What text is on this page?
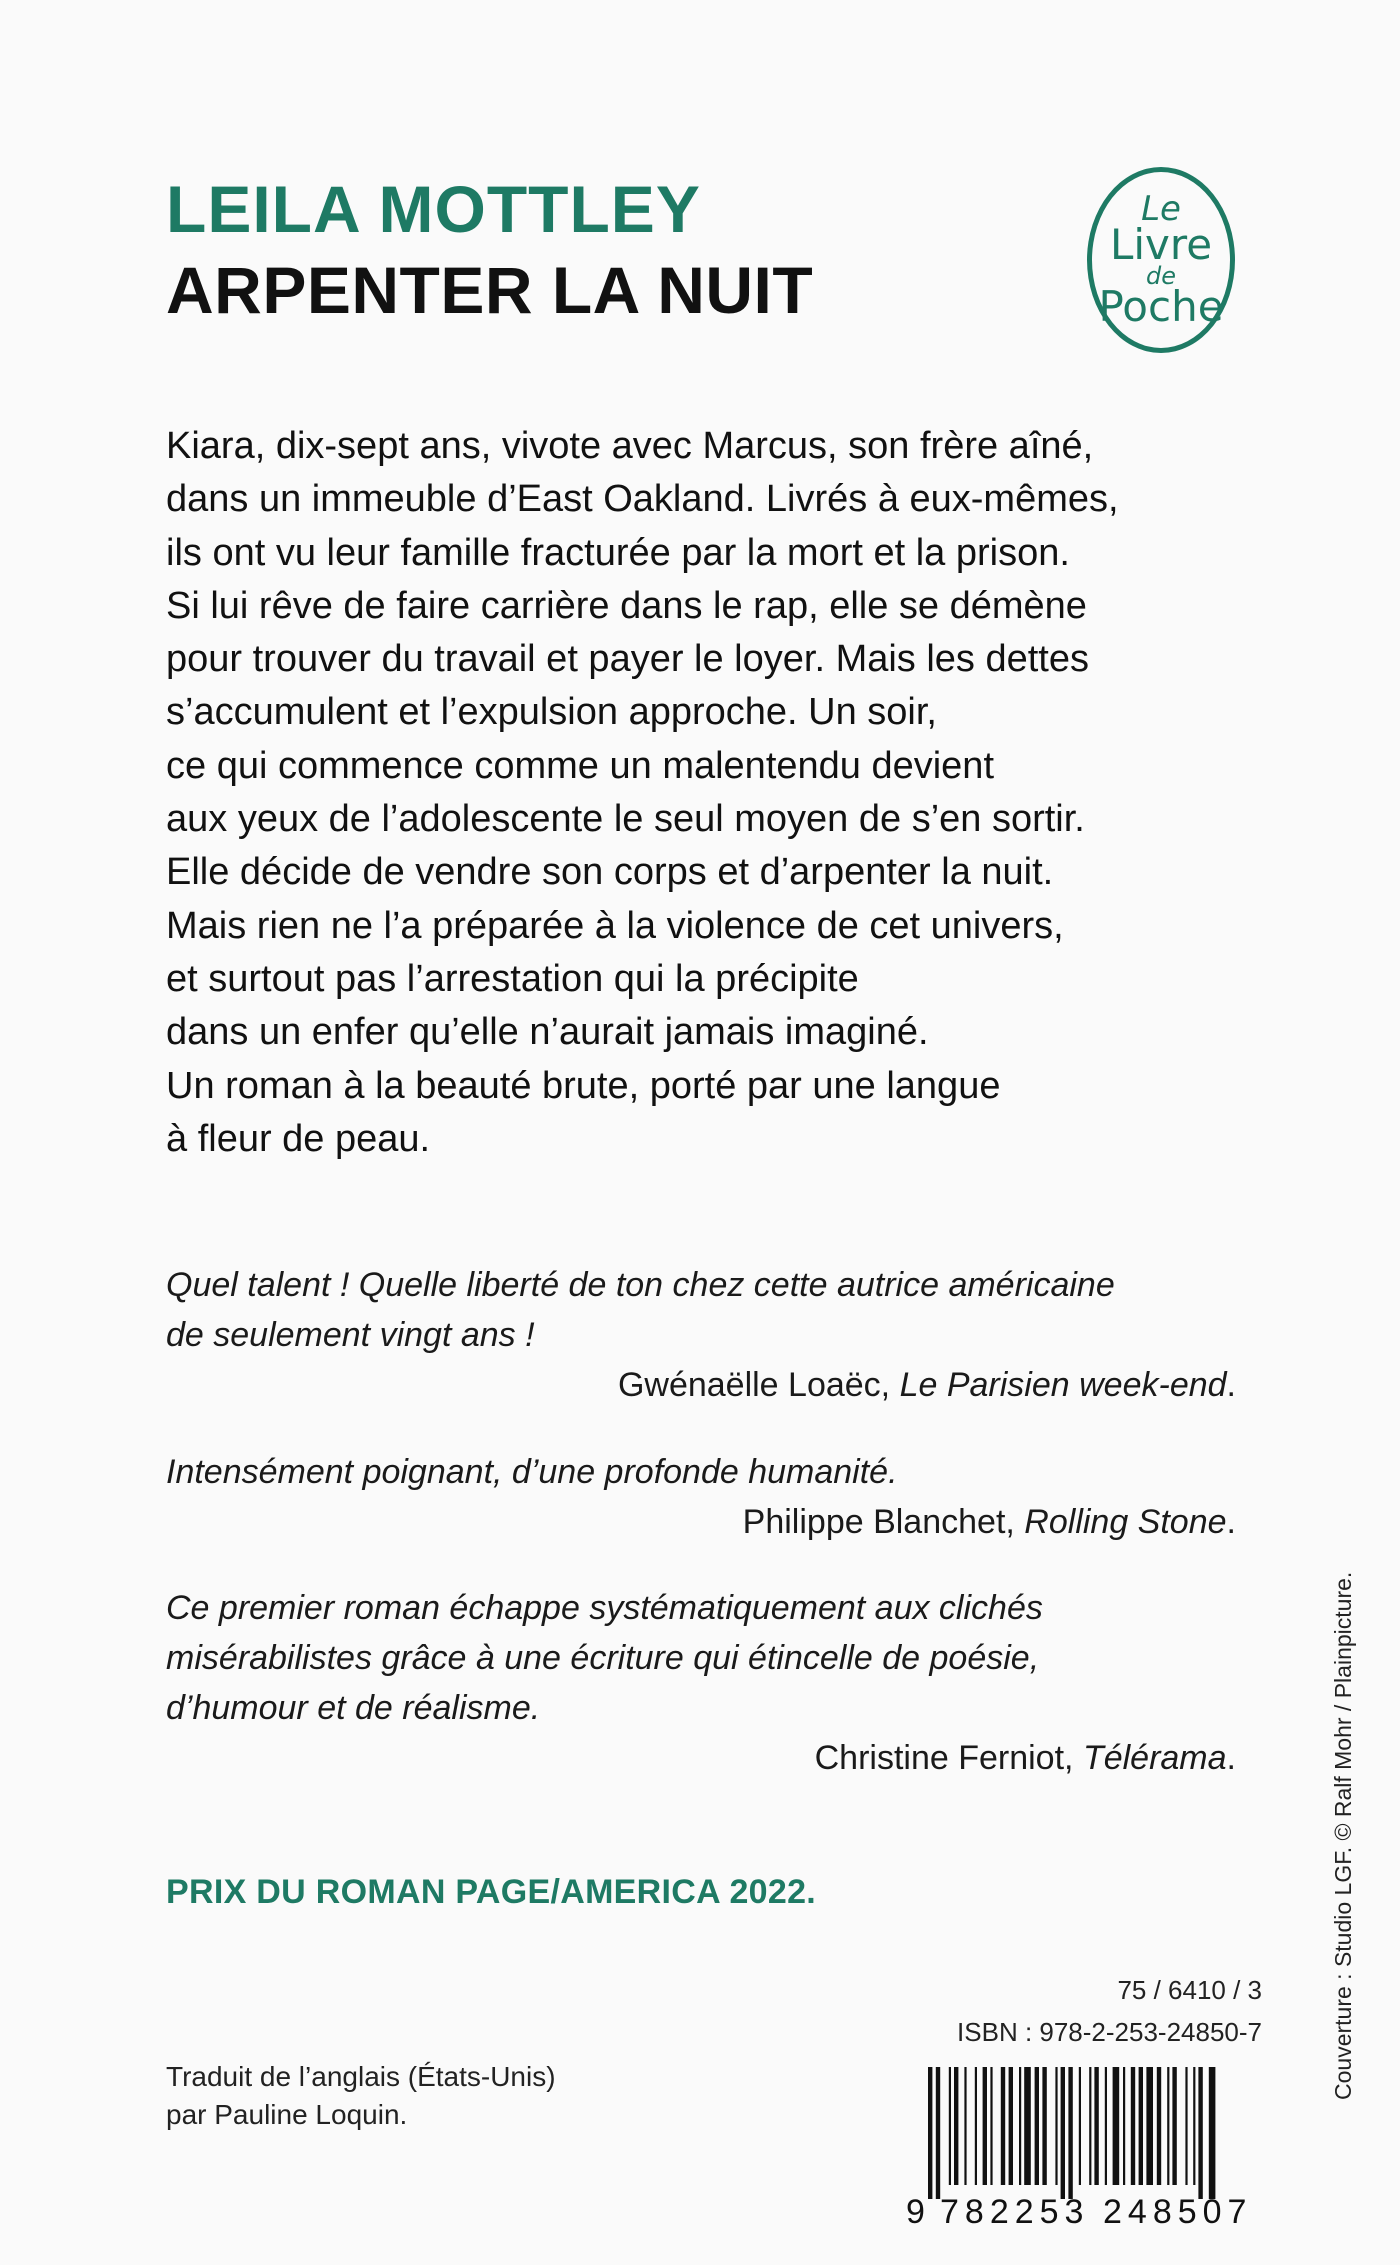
LEILA MOTTLEY
ARPENTER LA NUIT
Le
Livre
de
Poche
Kiara, dix-sept ans, vivote avec Marcus, son frère aîné,
dans un immeuble d’East Oakland. Livrés à eux-mêmes,
ils ont vu leur famille fracturée par la mort et la prison.
Si lui rêve de faire carrière dans le rap, elle se démène
pour trouver du travail et payer le loyer. Mais les dettes
s’accumulent et l’expulsion approche. Un soir,
ce qui commence comme un malentendu devient
aux yeux de l’adolescente le seul moyen de s’en sortir.
Elle décide de vendre son corps et d’arpenter la nuit.
Mais rien ne l’a préparée à la violence de cet univers,
et surtout pas l’arrestation qui la précipite
dans un enfer qu’elle n’aurait jamais imaginé.
Un roman à la beauté brute, porté par une langue
à fleur de peau.
Quel talent ! Quelle liberté de ton chez cette autrice américaine
de seulement vingt ans !
Gwénaëlle Loaëc, Le Parisien week-end.
Intensément poignant, d’une profonde humanité.
Philippe Blanchet, Rolling Stone.
Ce premier roman échappe systématiquement aux clichés
misérabilistes grâce à une écriture qui étincelle de poésie,
d’humour et de réalisme.
Christine Ferniot, Télérama.
PRIX DU ROMAN PAGE/AMERICA 2022.	Couverture : Studio LGF. © Ralf Mohr / Plainpicture.
75 / 6410 / 3
ISBN : 978-2-253-24850-7
Traduit de l’anglais (États-Unis)
par Pauline Loquin.
9 782253 248507
